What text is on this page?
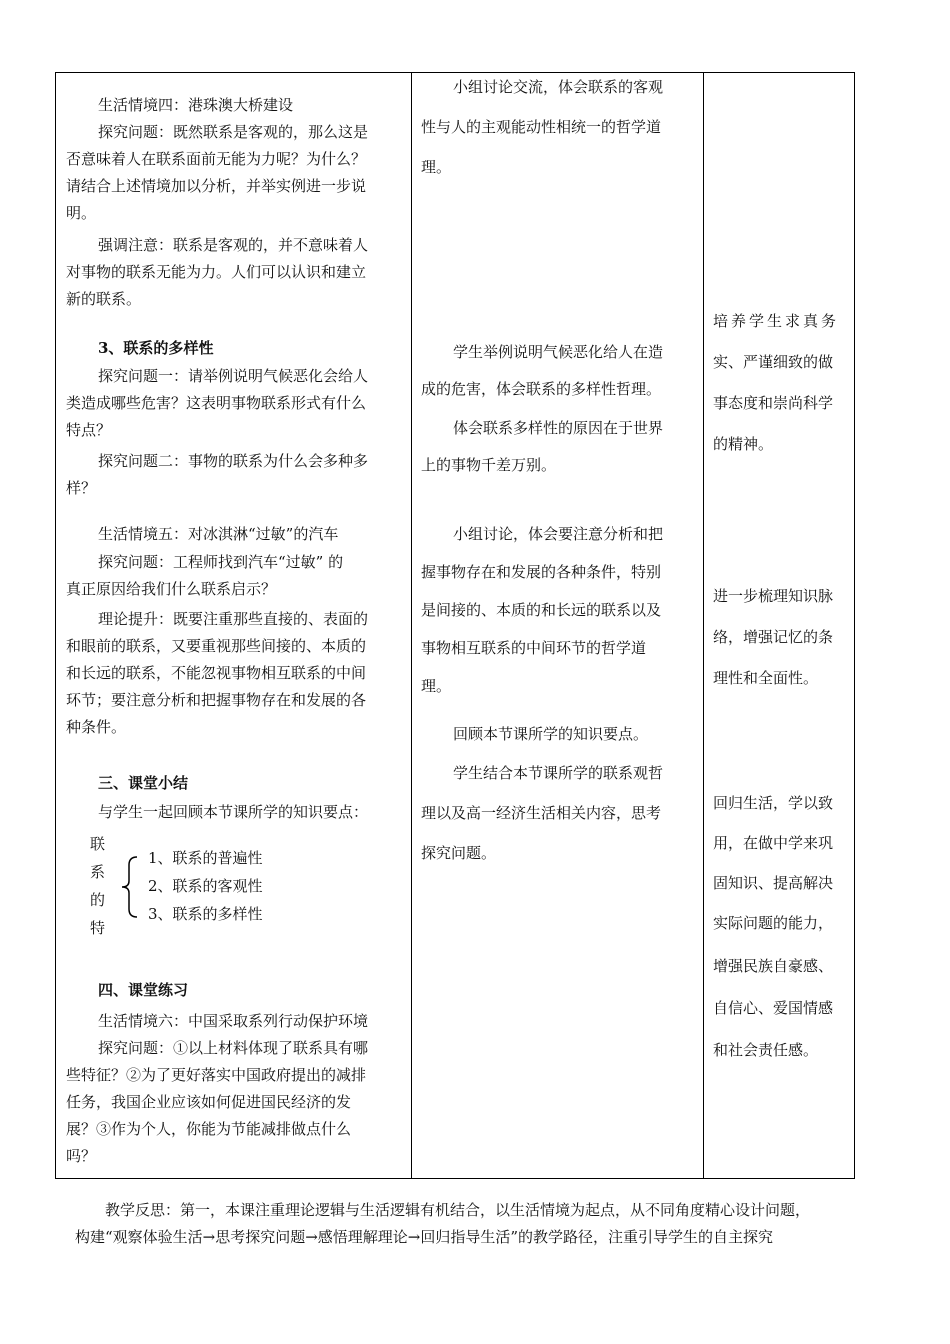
生活情境四：港珠澳大桥建设
探究问题：既然联系是客观的，那么这是
否意味着人在联系面前无能为力呢？为什么？
请结合上述情境加以分析，并举实例进一步说
明。
强调注意：联系是客观的，并不意味着人
对事物的联系无能为力。人们可以认识和建立
新的联系。
3、联系的多样性
探究问题一：请举例说明气候恶化会给人
类造成哪些危害？这表明事物联系形式有什么
特点？
探究问题二：事物的联系为什么会多种多
样？
生活情境五：对冰淇淋“过敏”的汽车
探究问题：工程师找到汽车“过敏” 的
真正原因给我们什么联系启示？
理论提升：既要注重那些直接的、表面的
和眼前的联系，又要重视那些间接的、本质的
和长远的联系，不能忽视事物相互联系的中间
环节；要注意分析和把握事物存在和发展的各
种条件。
三、课堂小结
与学生一起回顾本节课所学的知识要点：
联
系
的
特
1、联系的普遍性
2、联系的客观性
3、联系的多样性
四、课堂练习
生活情境六：中国采取系列行动保护环境
探究问题：①以上材料体现了联系具有哪
些特征？②为了更好落实中国政府提出的减排
任务，我国企业应该如何促进国民经济的发
展？③作为个人，你能为节能减排做点什么
吗？
小组讨论交流，体会联系的客观
性与人的主观能动性相统一的哲学道
理。
学生举例说明气候恶化给人在造
成的危害，体会联系的多样性哲理。
体会联系多样性的原因在于世界
上的事物千差万别。
小组讨论，体会要注意分析和把
握事物存在和发展的各种条件，特别
是间接的、本质的和长远的联系以及
事物相互联系的中间环节的哲学道
理。
回顾本节课所学的知识要点。
学生结合本节课所学的联系观哲
理以及高一经济生活相关内容，思考
探究问题。
培养学生求真务
实、严谨细致的做
事态度和崇尚科学
的精神。
进一步梳理知识脉
络，增强记忆的条
理性和全面性。
回归生活，学以致
用，在做中学来巩
固知识、提高解决
实际问题的能力，
增强民族自豪感、
自信心、爱国情感
和社会责任感。
教学反思：第一，本课注重理论逻辑与生活逻辑有机结合，以生活情境为起点，从不同角度精心设计问题，
构建“观察体验生活→思考探究问题→感悟理解理论→回归指导生活”的教学路径，注重引导学生的自主探究
